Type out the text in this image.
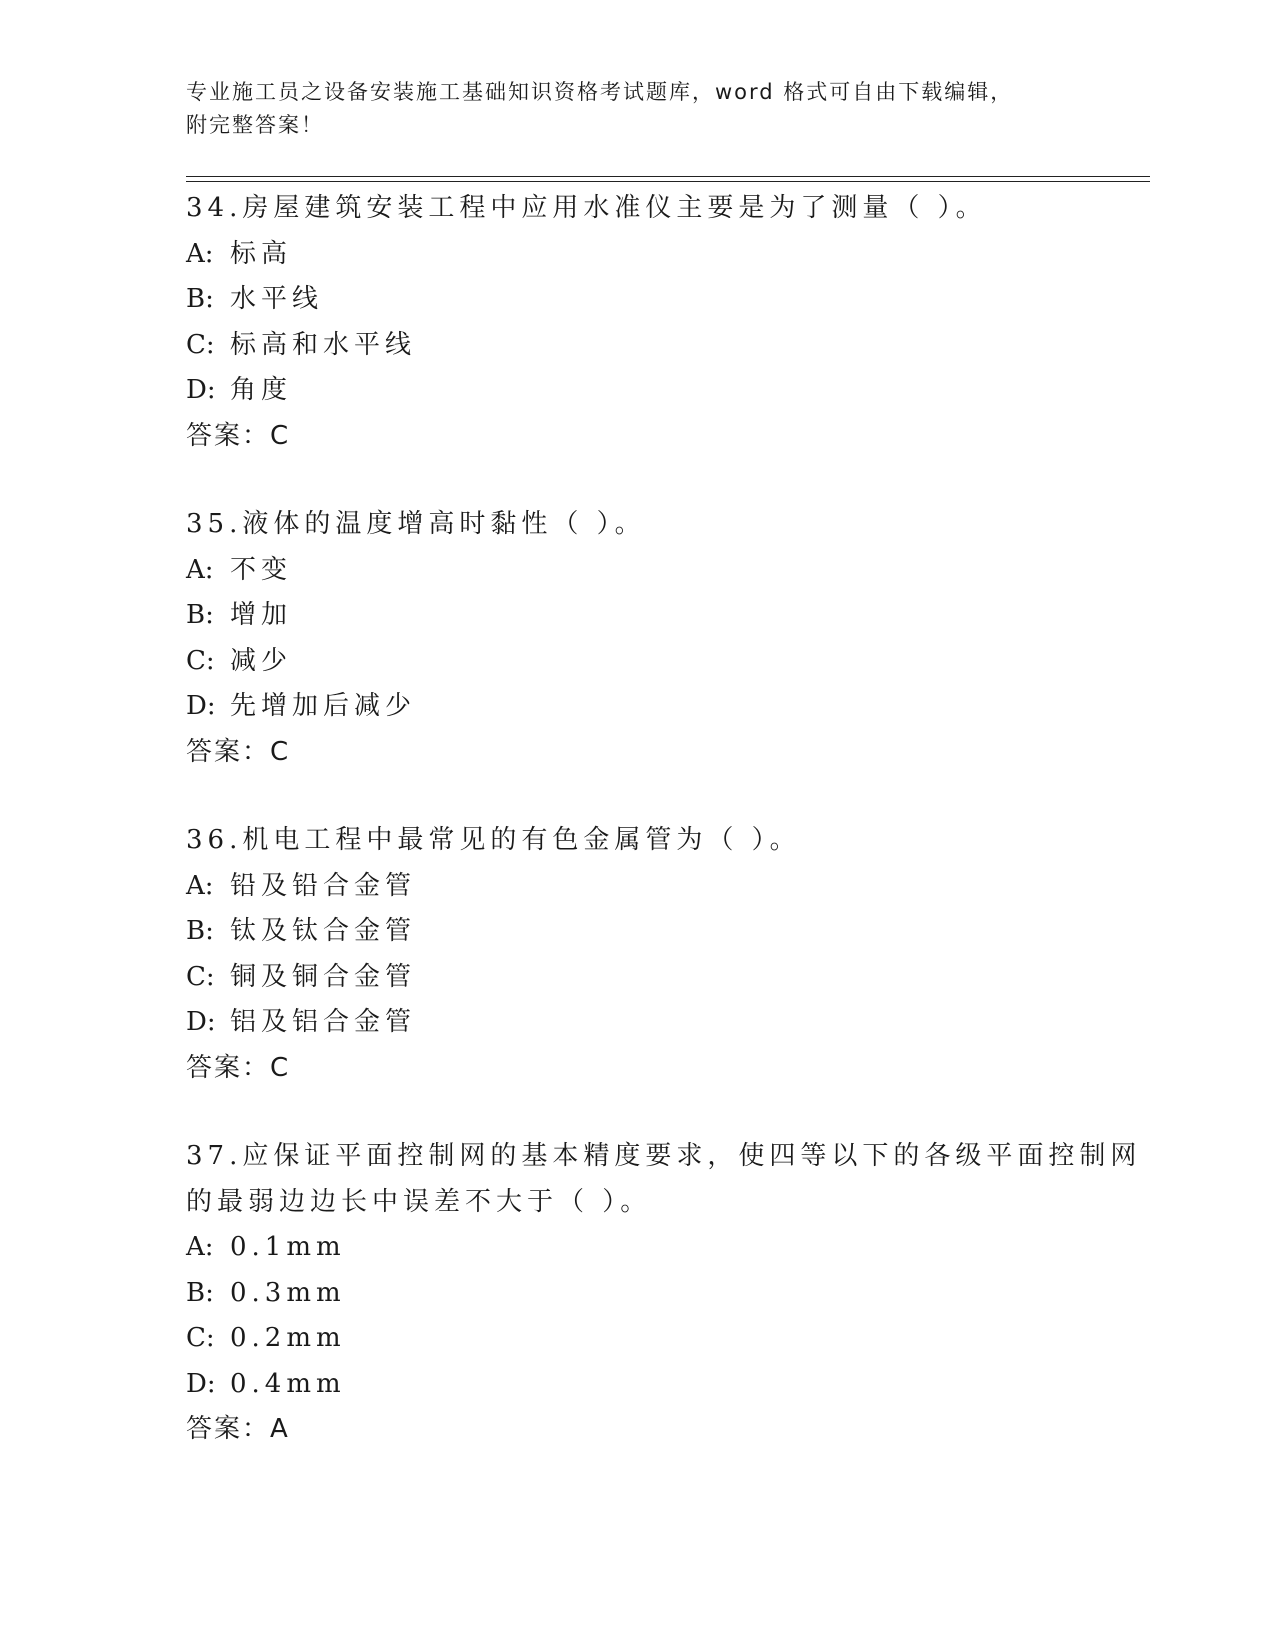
专业施工员之设备安装施工基础知识资格考试题库，word 格式可自由下载编辑，
附完整答案！
34.房屋建筑安装工程中应用水准仪主要是为了测量（ ）。
A: 标高
B: 水平线
C: 标高和水平线
D: 角度
答案：C
35.液体的温度增高时黏性（ ）。
A: 不变
B: 增加
C: 减少
D: 先增加后减少
答案：C
36.机电工程中最常见的有色金属管为（ ）。
A: 铅及铅合金管
B: 钛及钛合金管
C: 铜及铜合金管
D: 铝及铝合金管
答案：C
37.应保证平面控制网的基本精度要求，使四等以下的各级平面控制网
的最弱边边长中误差不大于（ ）。
A: 0.1mm
B: 0.3mm
C: 0.2mm
D: 0.4mm
答案：A
